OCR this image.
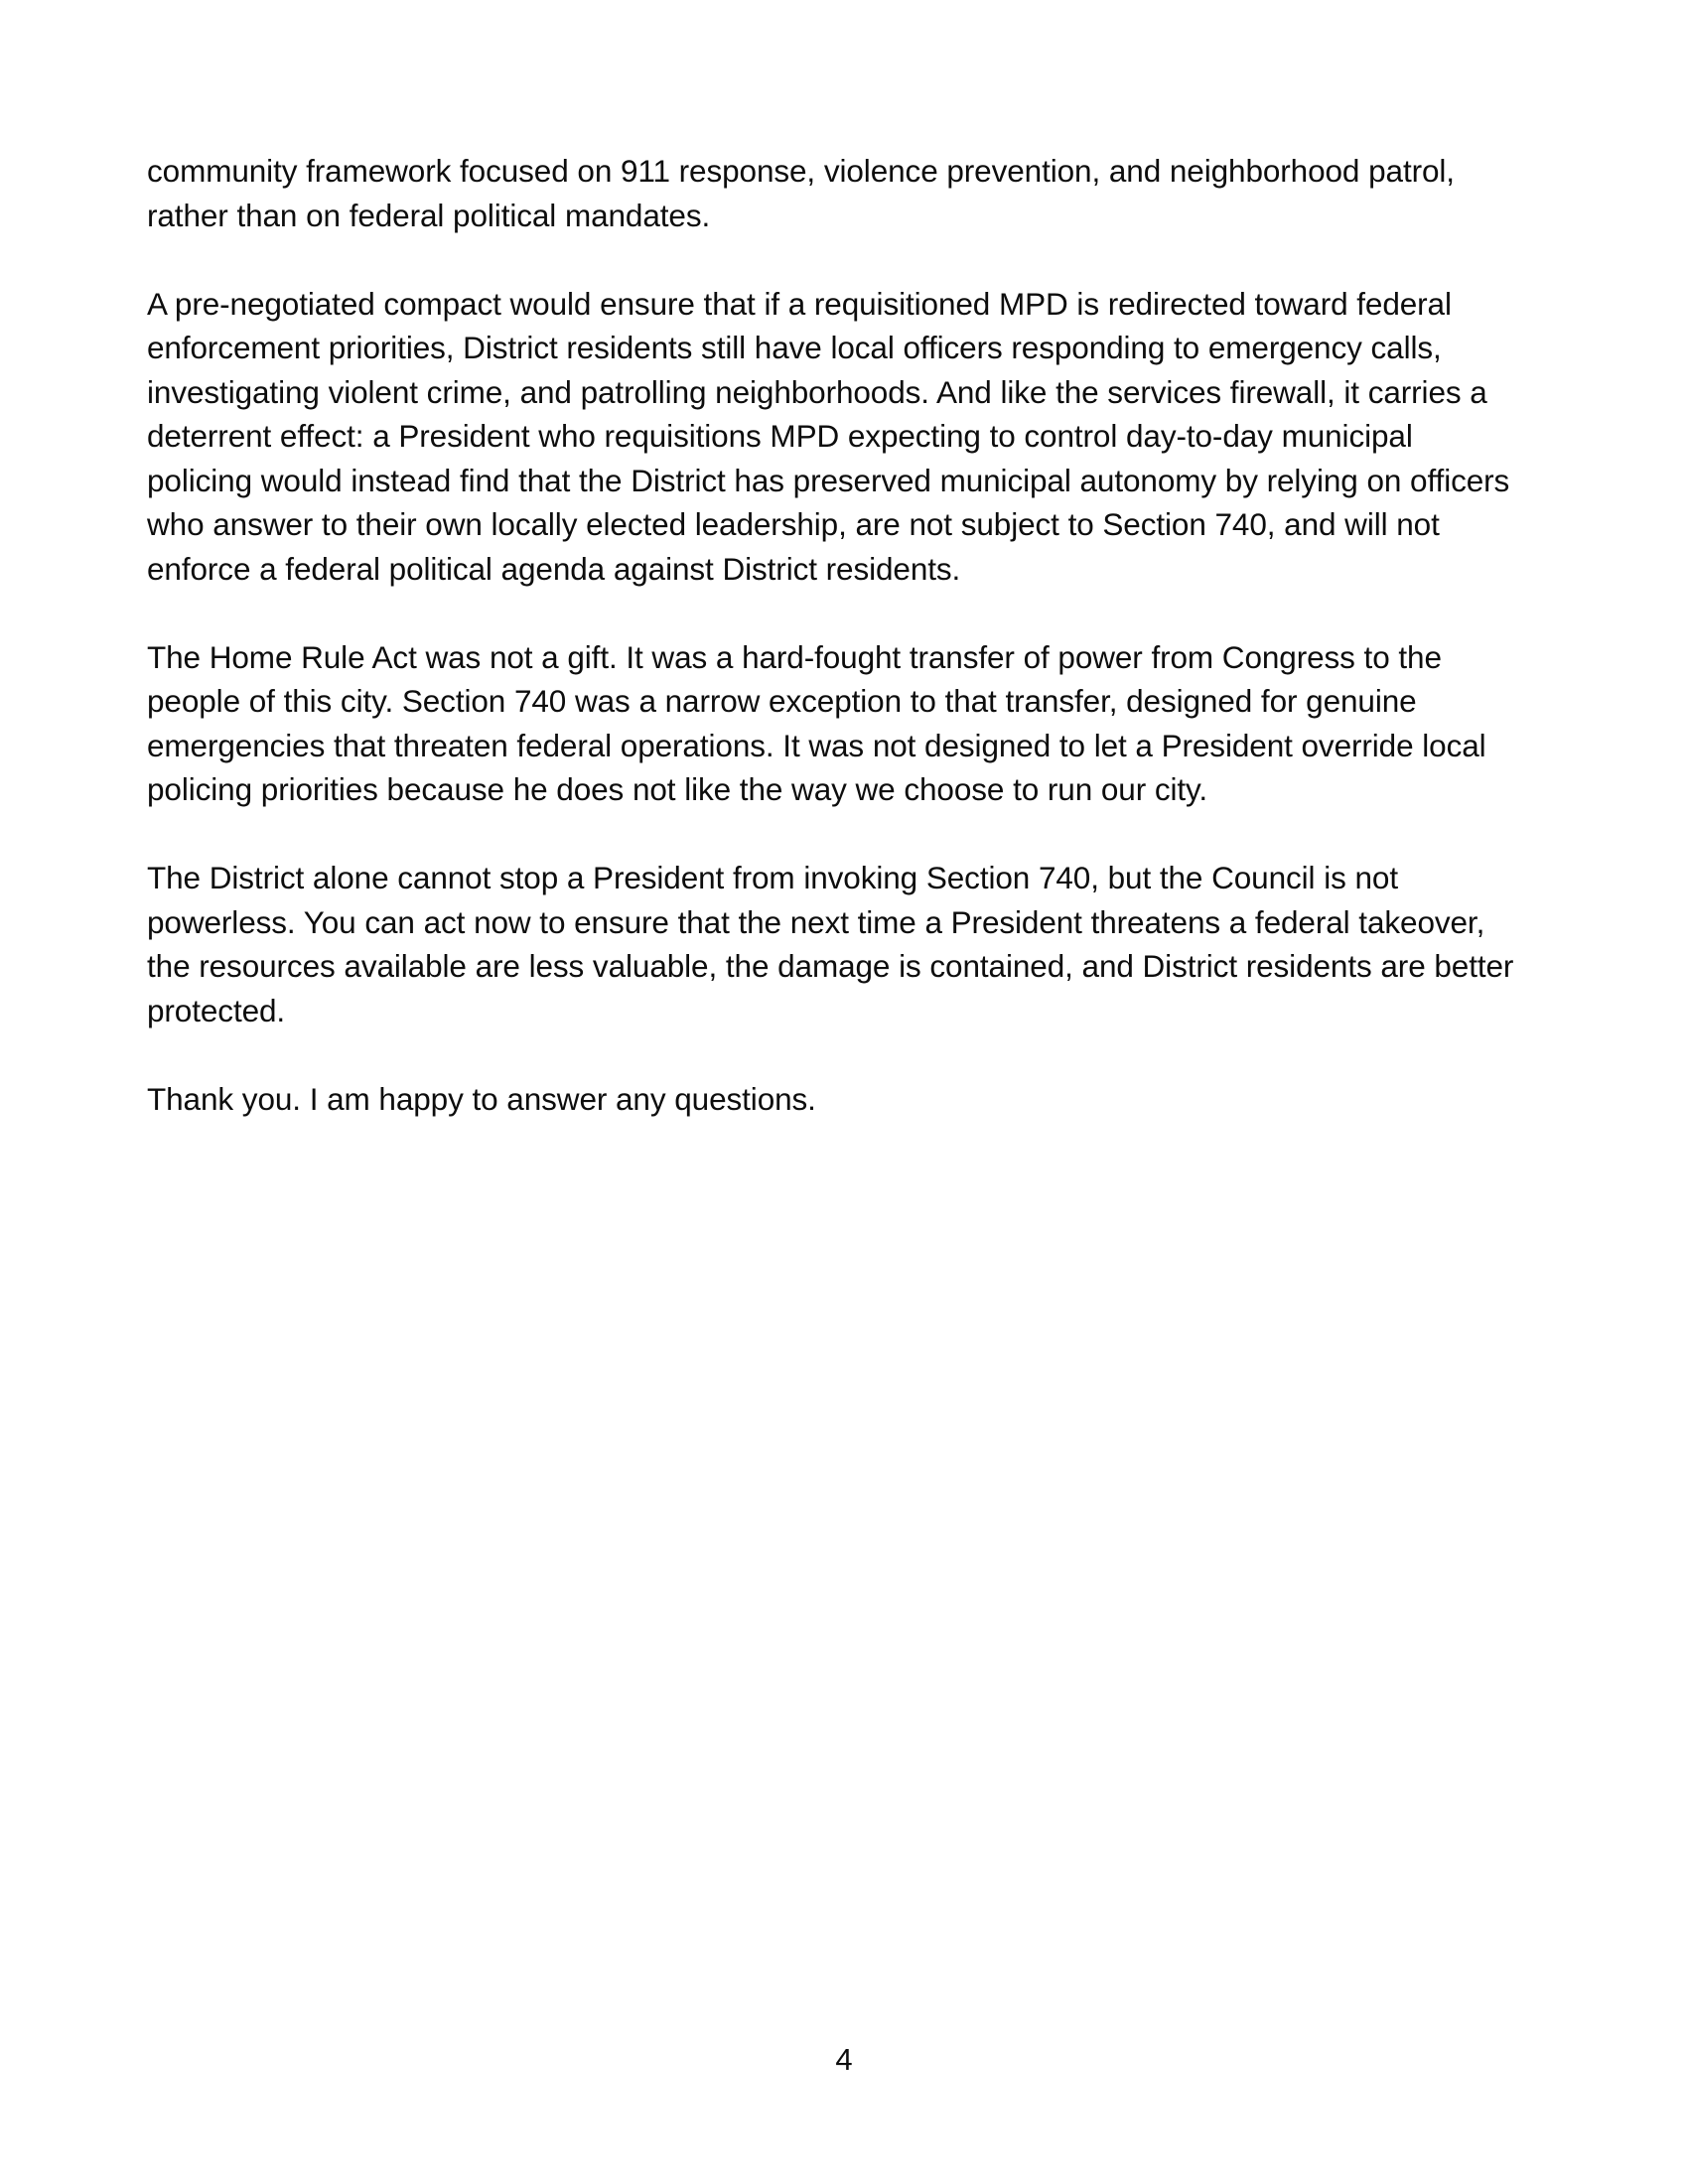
community framework focused on 911 response, violence prevention, and neighborhood patrol, rather than on federal political mandates.

A pre-negotiated compact would ensure that if a requisitioned MPD is redirected toward federal enforcement priorities, District residents still have local officers responding to emergency calls, investigating violent crime, and patrolling neighborhoods. And like the services firewall, it carries a deterrent effect: a President who requisitions MPD expecting to control day-to-day municipal policing would instead find that the District has preserved municipal autonomy by relying on officers who answer to their own locally elected leadership, are not subject to Section 740, and will not enforce a federal political agenda against District residents.

The Home Rule Act was not a gift. It was a hard-fought transfer of power from Congress to the people of this city. Section 740 was a narrow exception to that transfer, designed for genuine emergencies that threaten federal operations. It was not designed to let a President override local policing priorities because he does not like the way we choose to run our city.

The District alone cannot stop a President from invoking Section 740, but the Council is not powerless. You can act now to ensure that the next time a President threatens a federal takeover, the resources available are less valuable, the damage is contained, and District residents are better protected.

Thank you. I am happy to answer any questions.

4
